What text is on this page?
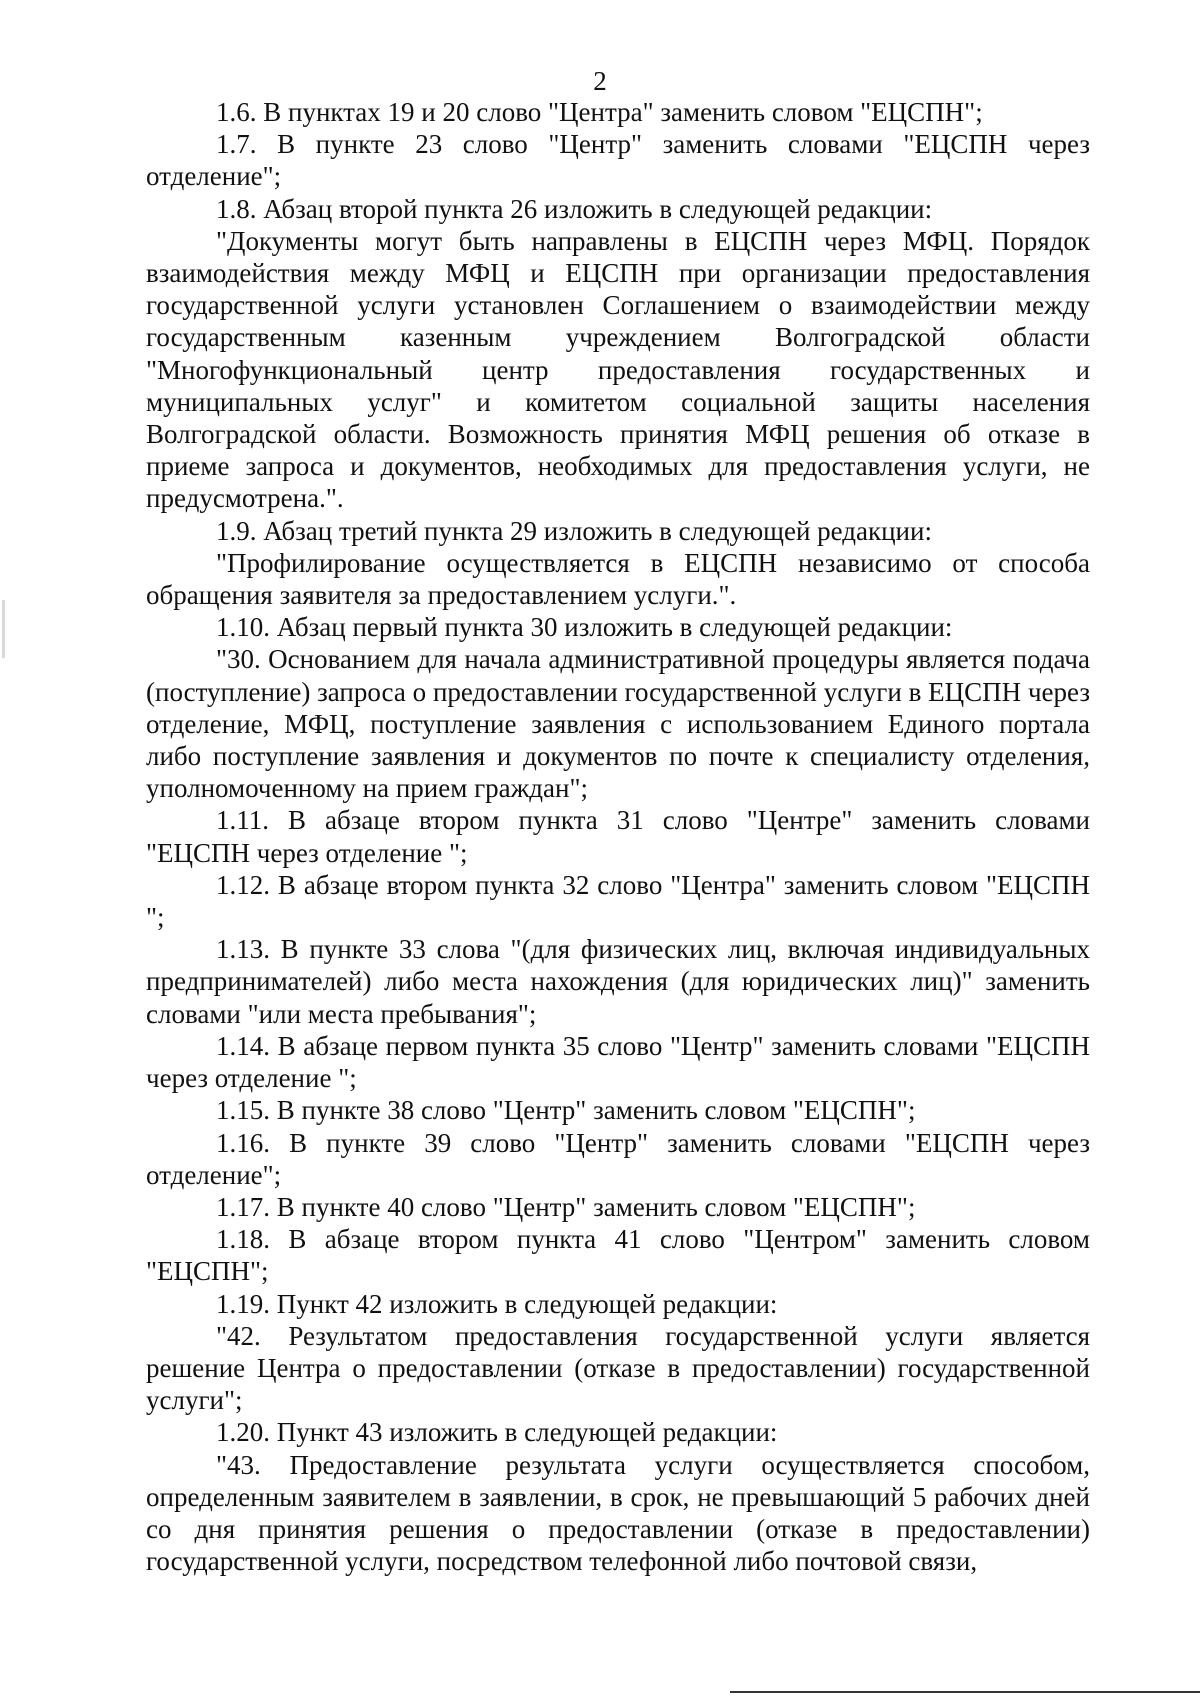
2

1.6. В пунктах 19 и 20 слово "Центра" заменить словом "ЕЦСПН";

1.7. В пункте 23 слово "Центр" заменить словами "ЕЦСПН через отделение";

1.8. Абзац второй пункта 26 изложить в следующей редакции:

"Документы могут быть направлены в ЕЦСПН через МФЦ. Порядок взаимодействия между МФЦ и ЕЦСПН при организации предоставления государственной услуги установлен Соглашением о взаимодействии между государственным казенным учреждением Волгоградской области "Многофункциональный центр предоставления государственных и муниципальных услуг" и комитетом социальной защиты населения Волгоградской области. Возможность принятия МФЦ решения об отказе в приеме запроса и документов, необходимых для предоставления услуги, не предусмотрена.".

1.9. Абзац третий пункта 29 изложить в следующей редакции:

"Профилирование осуществляется в ЕЦСПН независимо от способа обращения заявителя за предоставлением услуги.".

1.10. Абзац первый пункта 30 изложить в следующей редакции:

"30. Основанием для начала административной процедуры является подача (поступление) запроса о предоставлении государственной услуги в ЕЦСПН через отделение, МФЦ, поступление заявления с использованием Единого портала либо поступление заявления и документов по почте к специалисту отделения, уполномоченному на прием граждан";

1.11. В абзаце втором пункта 31 слово "Центре" заменить словами "ЕЦСПН через отделение ";

1.12. В абзаце втором пункта 32 слово "Центра" заменить словом "ЕЦСПН ";

1.13. В пункте 33 слова "(для физических лиц, включая индивидуальных предпринимателей) либо места нахождения (для юридических лиц)" заменить словами "или места пребывания";

1.14. В абзаце первом пункта 35 слово "Центр" заменить словами "ЕЦСПН через отделение ";

1.15. В пункте 38 слово "Центр" заменить словом "ЕЦСПН";

1.16. В пункте 39 слово "Центр" заменить словами "ЕЦСПН через отделение";

1.17. В пункте 40 слово "Центр" заменить словом "ЕЦСПН";

1.18. В абзаце втором пункта 41 слово "Центром" заменить словом "ЕЦСПН";

1.19. Пункт 42 изложить в следующей редакции:

"42. Результатом предоставления государственной услуги является решение Центра о предоставлении (отказе в предоставлении) государственной услуги";

1.20. Пункт 43 изложить в следующей редакции:

"43. Предоставление результата услуги осуществляется способом, определенным заявителем в заявлении, в срок, не превышающий 5 рабочих дней со дня принятия решения о предоставлении (отказе в предоставлении) государственной услуги, посредством телефонной либо почтовой связи,
